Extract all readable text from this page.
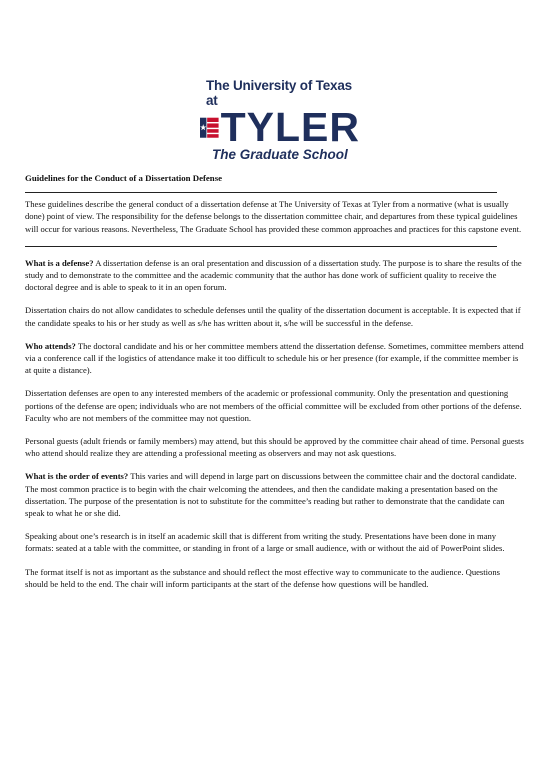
The University of Texas at
TYLER
The Graduate School
Guidelines for the Conduct of a Dissertation Defense

These guidelines describe the general conduct of a dissertation defense at The University of Texas at Tyler from a normative (what is usually done) point of view. The responsibility for the defense belongs to the dissertation committee chair, and departures from these typical guidelines will occur for various reasons. Nevertheless, The Graduate School has provided these common approaches and practices for this capstone event.

What is a defense? A dissertation defense is an oral presentation and discussion of a dissertation study. The purpose is to share the results of the study and to demonstrate to the committee and the academic community that the author has done work of sufficient quality to receive the doctoral degree and is able to speak to it in an open forum.

Dissertation chairs do not allow candidates to schedule defenses until the quality of the dissertation document is acceptable. It is expected that if the candidate speaks to his or her study as well as s/he has written about it, s/he will be successful in the defense.

Who attends? The doctoral candidate and his or her committee members attend the dissertation defense. Sometimes, committee members attend via a conference call if the logistics of attendance make it too difficult to schedule his or her presence (for example, if the committee member is at quite a distance).

Dissertation defenses are open to any interested members of the academic or professional community. Only the presentation and questioning portions of the defense are open; individuals who are not members of the official committee will be excluded from other portions of the defense. Faculty who are not members of the committee may not question.

Personal guests (adult friends or family members) may attend, but this should be approved by the committee chair ahead of time. Personal guests who attend should realize they are attending a professional meeting as observers and may not ask questions.

What is the order of events? This varies and will depend in large part on discussions between the committee chair and the doctoral candidate. The most common practice is to begin with the chair welcoming the attendees, and then the candidate making a presentation based on the dissertation. The purpose of the presentation is not to substitute for the committee’s reading but rather to demonstrate that the candidate can speak to what he or she did.

Speaking about one’s research is in itself an academic skill that is different from writing the study. Presentations have been done in many formats: seated at a table with the committee, or standing in front of a large or small audience, with or without the aid of PowerPoint slides.

The format itself is not as important as the substance and should reflect the most effective way to communicate to the audience. Questions should be held to the end. The chair will inform participants at the start of the defense how questions will be handled.
